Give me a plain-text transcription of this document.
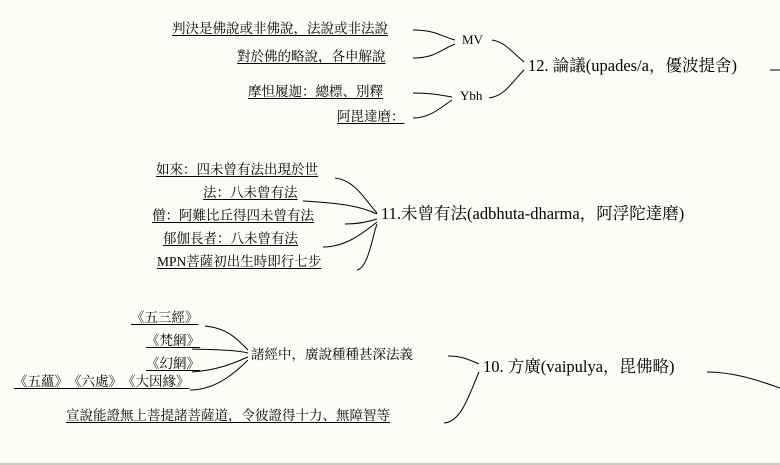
判決是佛說或非佛說，法說或非法說
對於佛的略說，各申解說
摩怛履迦：總標、別釋
阿毘達磨：
MV
Ybh
12. 論議(upades/a，優波提舍)
如來：四未曾有法出現於世
法：八未曾有法
僧：阿難比丘得四未曾有法
郁伽長者：八未曾有法
MPN菩薩初出生時即行七步
11.未曾有法(adbhuta-dharma，阿浮陀達磨)
《五三經》
《梵網》
《幻網》
《五蘊》 《六處》 《大因緣》
宣說能證無上菩提諸菩薩道，令彼證得十力、無障智等
諸經中，廣說種種甚深法義
10. 方廣(vaipulya，毘佛略)
